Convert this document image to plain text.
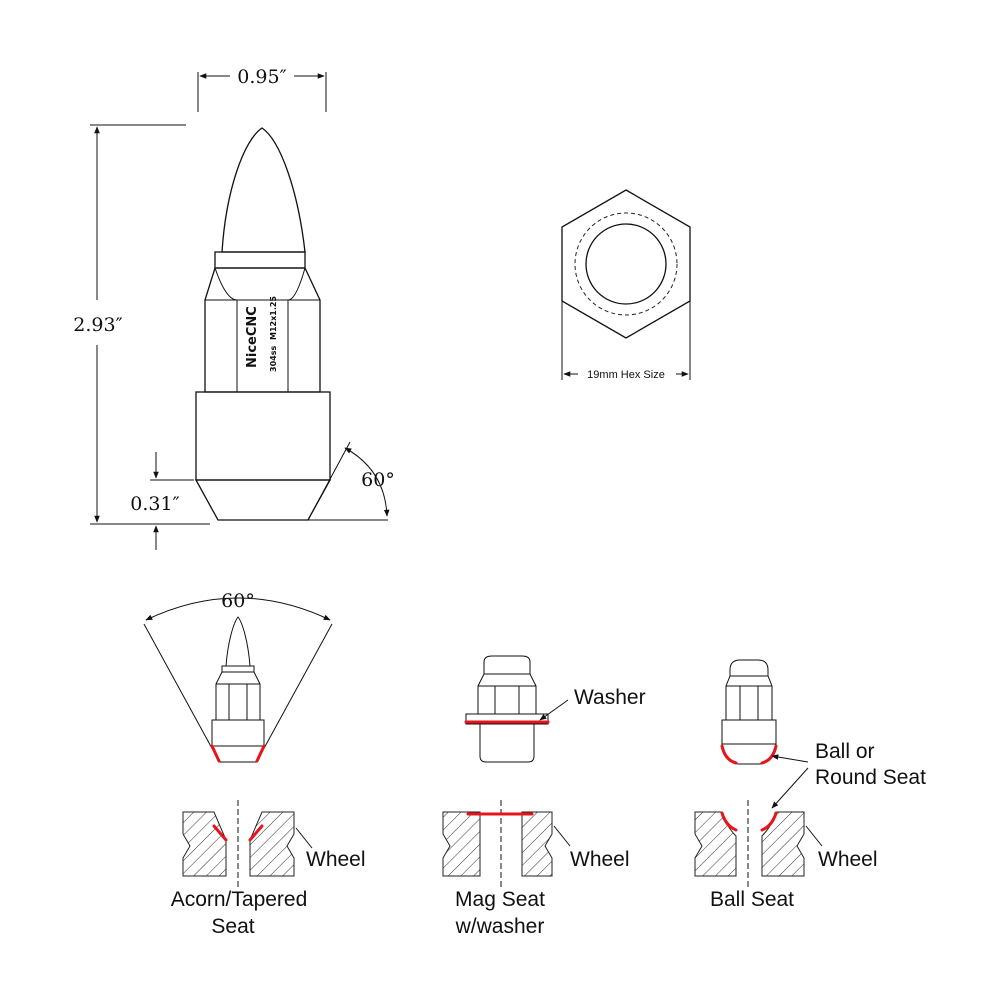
NiceCNC 304ss
M12x1.25
0.95″
2.93″
0.31″
60°
19mm Hex Size
60°
Wheel
Acorn/Tapered
Seat
Washer
Wheel
Mag Seat
w/washer
Ball or
Round Seat
Wheel
Ball Seat
